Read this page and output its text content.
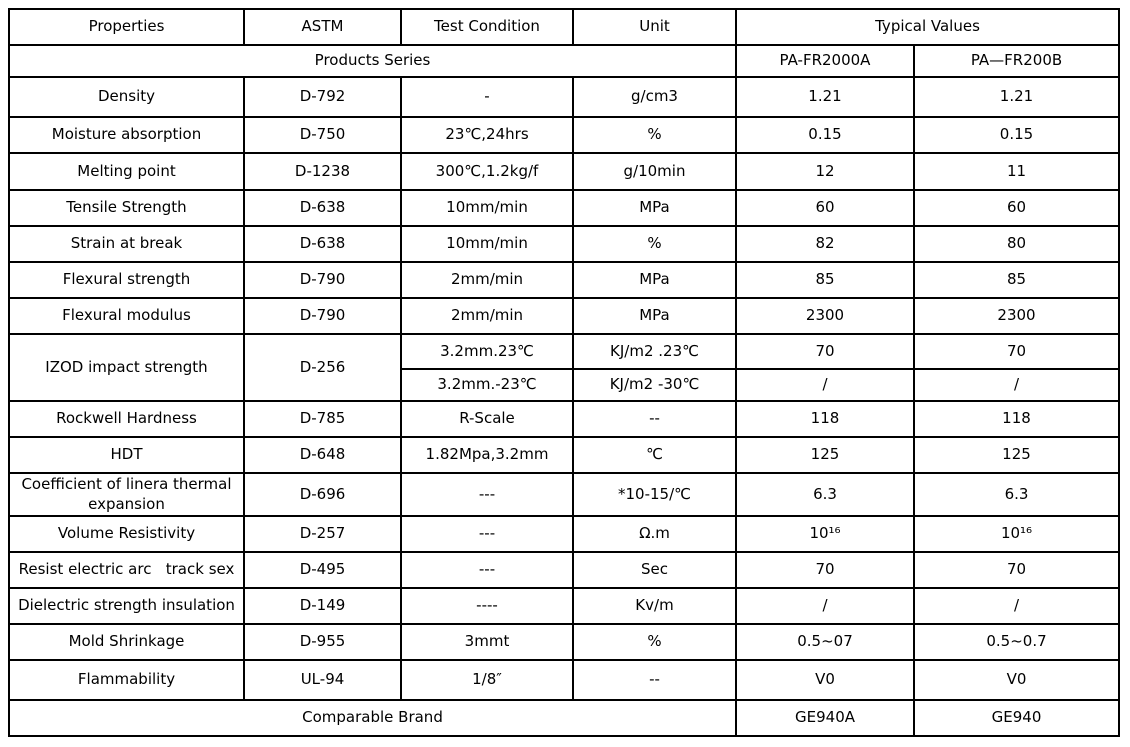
Properties	ASTM	Test Condition	Unit	Typical Values	
Products Series				PA-FR2000A	PA—FR200B
Density	D-792	-	g/cm3	1.21	1.21
Moisture absorption	D-750	23℃,24hrs	%	0.15	0.15
Melting point	D-1238	300℃,1.2kg/f	g/10min	12	11
Tensile Strength	D-638	10mm/min	MPa	60	60
Strain at break	D-638	10mm/min	%	82	80
Flexural strength	D-790	2mm/min	MPa	85	85
Flexural modulus	D-790	2mm/min	MPa	2300	2300
IZOD impact strength	D-256	3.2mm.23℃	KJ/m2 .23℃	70	70
		3.2mm.-23℃	KJ/m2 -30℃	/	/
Rockwell Hardness	D-785	R-Scale	--	118	118
HDT	D-648	1.82Mpa,3.2mm	℃	125	125
Coefficient of linera thermal expansion	D-696	---	*10-15/℃	6.3	6.3
Volume Resistivity	D-257	---	Ω.m	10¹⁶	10¹⁶
Resist electric arc   track sex	D-495	---	Sec	70	70
Dielectric strength insulation	D-149	----	Kv/m	/	/
Mold Shrinkage	D-955	3mmt	%	0.5~07	0.5~0.7
Flammability	UL-94	1/8″	--	V0	V0
Comparable Brand				GE940A	GE940
